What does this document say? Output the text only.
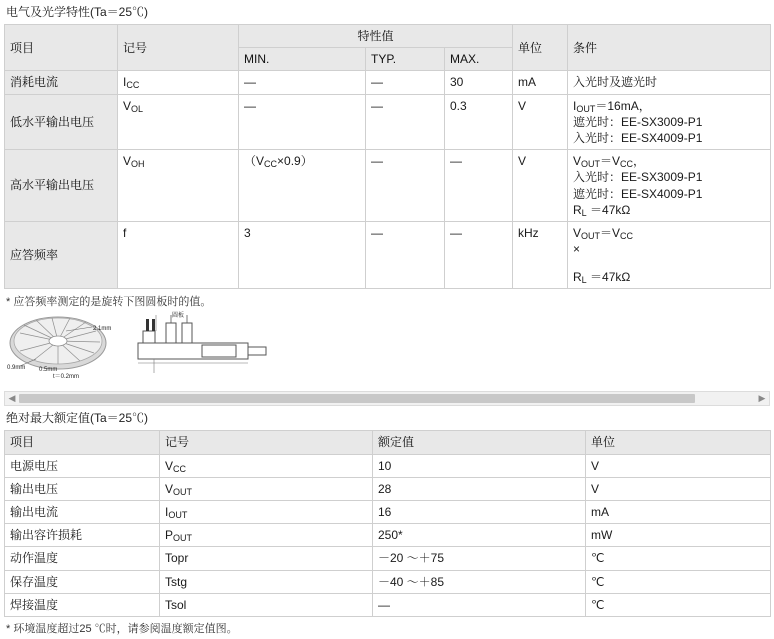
电气及光学特性(Ta＝25℃)
项目	记号	特性值			单位	条件
		MIN.	TYP.	MAX.		
消耗电流	$I_{CC}$	—	—	30	mA	入光时及遮光时

低水平输出电压	$V_{OL}$	—	—	0.3	V	$I_{OUT}=16mA$，
遮光时：EE-SX3009-P1
入光时：EE-SX4009-P1

高水平输出电压	$V_{OH}$	$(V_{CC}\times 0.9)$	—	—	V	$V_{OUT}=V_{CC}$，
入光时：EE-SX3009-P1
遮光时：EE-SX4009-P1
$R_L =47k\Omega$

应答频率	f	3	—	—	kHz	$V_{OUT}=V_{CC}$
×

$R_L =47k\Omega$
* 应答频率测定的是旋转下图圆板时的值。
2.1mm
0.9mm 0.5mm
t＝0.2mm
圆板
◀	▶
绝对最大额定值(Ta＝25℃)
项目	记号	额定值	单位
电源电压	$V_{CC}$	10	V
输出电压	$V_{OUT}$	28	V
输出电流	$I_{OUT}$	16	mA
输出容许损耗	$P_{OUT}$	250*	mW
动作温度	Topr	－20 ～＋75	℃
保存温度	Tstg	－40 ～＋85	℃
焊接温度	Tsol	—	℃
* 环境温度超过25 ℃时，请参阅温度额定值图。
